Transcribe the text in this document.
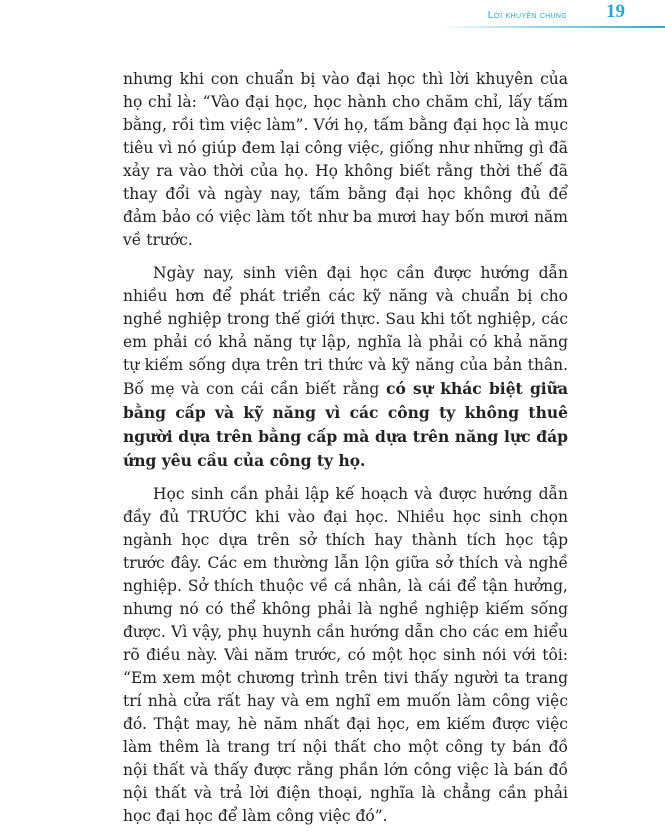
Lời khuyên chung 19

nhưng khi con chuẩn bị vào đại học thì lời khuyên của họ chỉ là: “Vào đại học, học hành cho chăm chỉ, lấy tấm bằng, rồi tìm việc làm”. Với họ, tấm bằng đại học là mục tiêu vì nó giúp đem lại công việc, giống như những gì đã xảy ra vào thời của họ. Họ không biết rằng thời thế đã thay đổi và ngày nay, tấm bằng đại học không đủ để đảm bảo có việc làm tốt như ba mươi hay bốn mươi năm về trước.

Ngày nay, sinh viên đại học cần được hướng dẫn nhiều hơn để phát triển các kỹ năng và chuẩn bị cho nghề nghiệp trong thế giới thực. Sau khi tốt nghiệp, các em phải có khả năng tự lập, nghĩa là phải có khả năng tự kiếm sống dựa trên tri thức và kỹ năng của bản thân. Bố mẹ và con cái cần biết rằng có sự khác biệt giữa bằng cấp và kỹ năng vì các công ty không thuê người dựa trên bằng cấp mà dựa trên năng lực đáp ứng yêu cầu của công ty họ.

Học sinh cần phải lập kế hoạch và được hướng dẫn đầy đủ TRƯỚC khi vào đại học. Nhiều học sinh chọn ngành học dựa trên sở thích hay thành tích học tập trước đây. Các em thường lẫn lộn giữa sở thích và nghề nghiệp. Sở thích thuộc về cá nhân, là cái để tận hưởng, nhưng nó có thể không phải là nghề nghiệp kiếm sống được. Vì vậy, phụ huynh cần hướng dẫn cho các em hiểu rõ điều này. Vài năm trước, có một học sinh nói với tôi: “Em xem một chương trình trên tivi thấy người ta trang trí nhà cửa rất hay và em nghĩ em muốn làm công việc đó. Thật may, hè năm nhất đại học, em kiếm được việc làm thêm là trang trí nội thất cho một công ty bán đồ nội thất và thấy được rằng phần lớn công việc là bán đồ nội thất và trả lời điện thoại, nghĩa là chẳng cần phải học đại học để làm công việc đó”.
